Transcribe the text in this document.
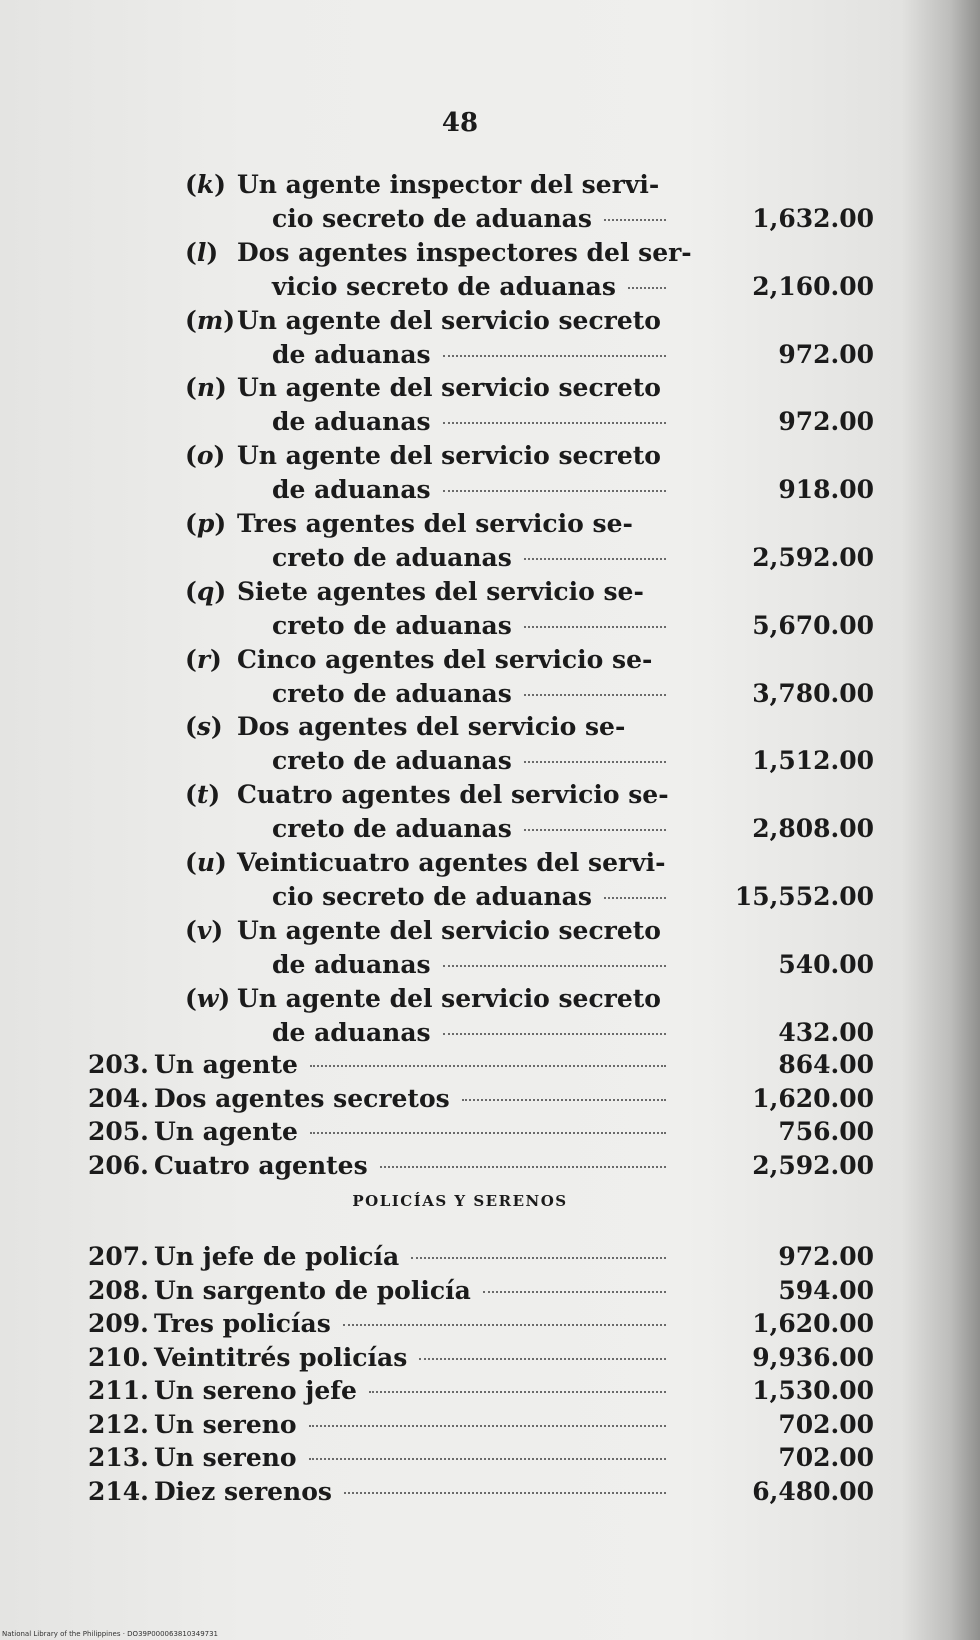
48
(k) Un agente inspector del servi-
cio secreto de aduanas	1,632.00
(l) Dos agentes inspectores del ser-
vicio secreto de aduanas	2,160.00
(m)Un agente del servicio secreto
de aduanas	972.00
(n) Un agente del servicio secreto
de aduanas	972.00
(o) Un agente del servicio secreto
de aduanas	918.00
(p) Tres agentes del servicio se-
creto de aduanas	2,592.00
(q) Siete agentes del servicio se-
creto de aduanas	5,670.00
(r) Cinco agentes del servicio se-
creto de aduanas	3,780.00
(s) Dos agentes del servicio se-
creto de aduanas	1,512.00
(t) Cuatro agentes del servicio se-
creto de aduanas	2,808.00
(u) Veinticuatro agentes del servi-
cio secreto de aduanas	15,552.00
(v) Un agente del servicio secreto
de aduanas	540.00
(w) Un agente del servicio secreto
de aduanas	432.00
203. Un agente	864.00
204. Dos agentes secretos	1,620.00
205. Un agente	756.00
206. Cuatro agentes	2,592.00
POLICÍAS Y SERENOS
207. Un jefe de policía	972.00
208. Un sargento de policía	594.00
209. Tres policías	1,620.00
210. Veintitrés policías	9,936.00
211. Un sereno jefe	1,530.00
212. Un sereno	702.00
213. Un sereno	702.00
214. Diez serenos	6,480.00
National Library of the Philippines · DO39P000063810349731
